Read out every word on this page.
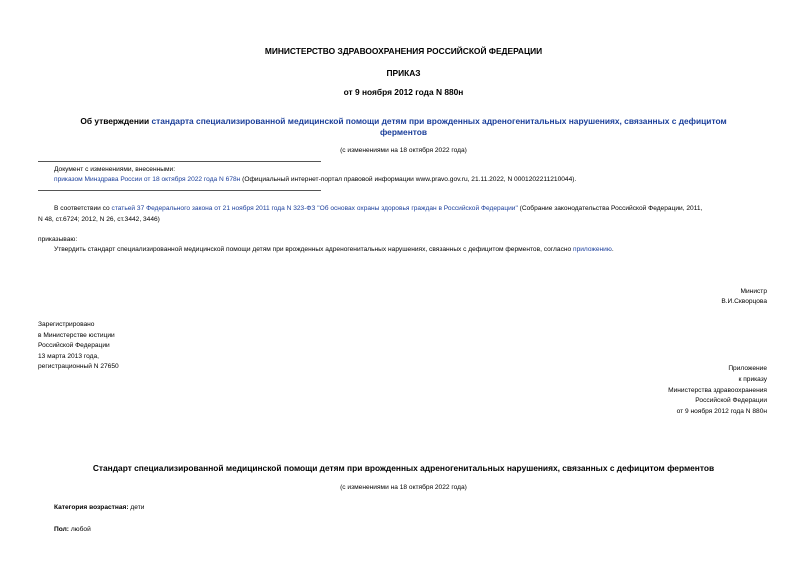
МИНИСТЕРСТВО ЗДРАВООХРАНЕНИЯ РОССИЙСКОЙ ФЕДЕРАЦИИ
ПРИКАЗ
от 9 ноября 2012 года N 880н
Об утверждении стандарта специализированной медицинской помощи детям при врожденных адреногенитальных нарушениях, связанных с дефицитом
ферментов
(с изменениями на 18 октября 2022 года)
Документ с изменениями, внесенными:
приказом Минздрава России от 18 октября 2022 года N 678н (Официальный интернет-портал правовой информации www.pravo.gov.ru, 21.11.2022, N 0001202211210044).
В соответствии со статьей 37 Федерального закона от 21 ноября 2011 года N 323-ФЗ "Об основах охраны здоровья граждан в Российской Федерации" (Собрание законодательства Российской Федерации, 2011,
N 48, ст.6724; 2012, N 26, ст.3442, 3446)
приказываю:
Утвердить стандарт специализированной медицинской помощи детям при врожденных адреногенитальных нарушениях, связанных с дефицитом ферментов, согласно приложению.
Министр
В.И.Скворцова
Зарегистрировано
в Министерстве юстиции
Российской Федерации
13 марта 2013 года,
регистрационный N 27650	Приложение
к приказу
Министерства здравоохранения
Российской Федерации
от 9 ноября 2012 года N 880н
Стандарт специализированной медицинской помощи детям при врожденных адреногенитальных нарушениях, связанных с дефицитом ферментов
(с изменениями на 18 октября 2022 года)
Категория возрастная: дети
Пол: любой
